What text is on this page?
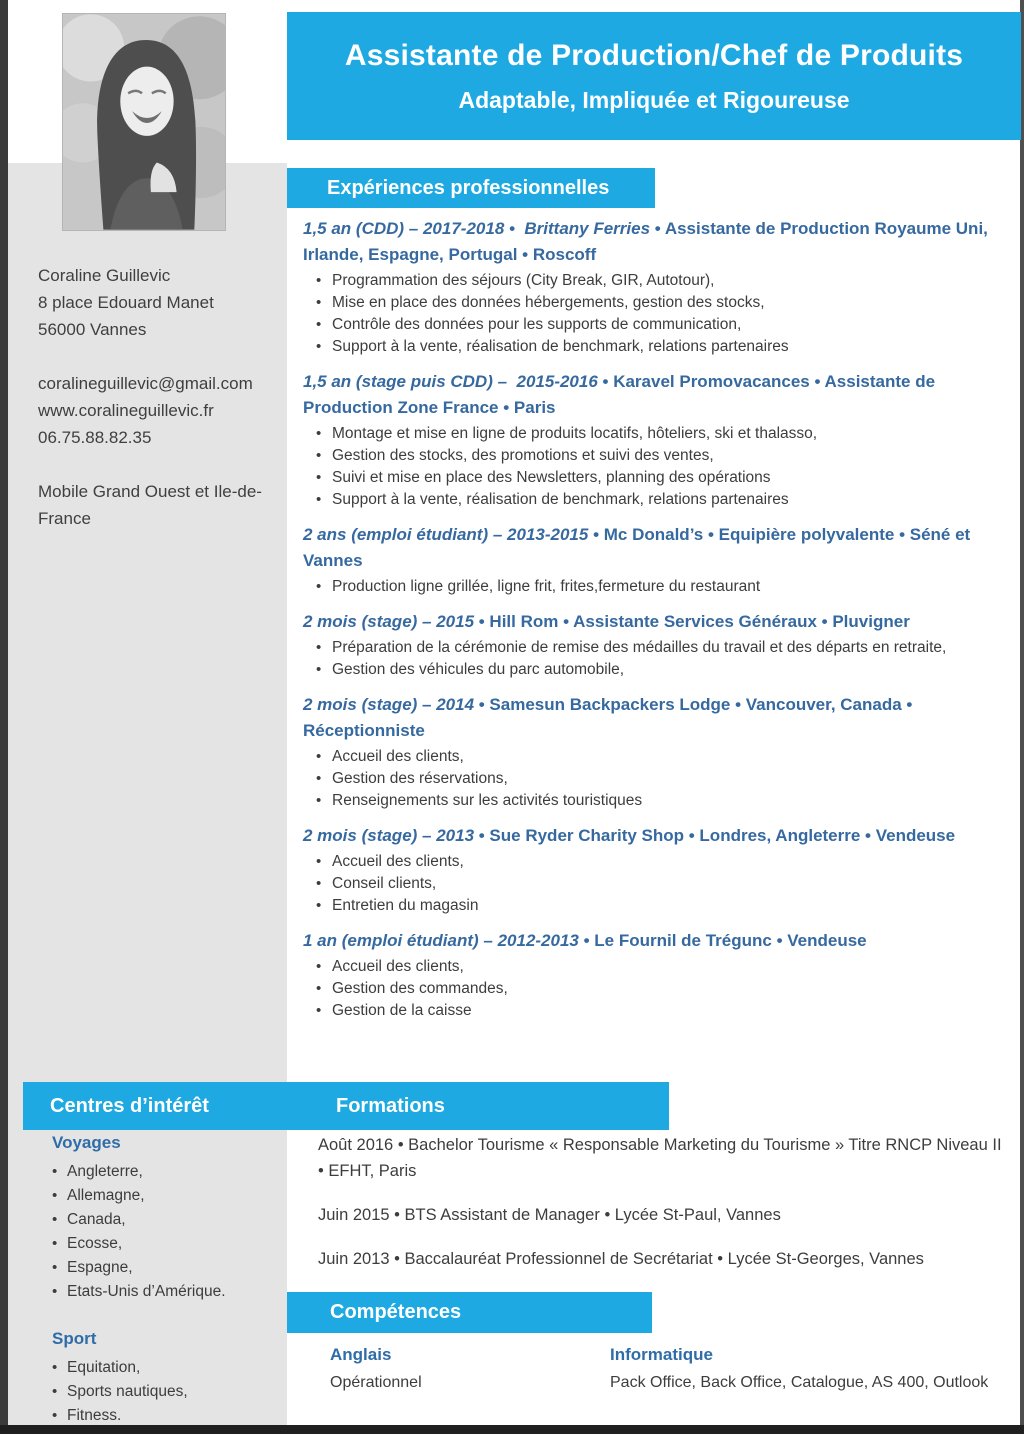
Coraline Guillevic
8 place Edouard Manet
56000 Vannes
coralineguillevic@gmail.com
www.coralineguillevic.fr
06.75.88.82.35
Mobile Grand Ouest et Ile-de-France
Assistante de Production/Chef de Produits
Adaptable, Impliquée et Rigoureuse
Expériences professionnelles

1,5 an (CDD) – 2017-2018 •  Brittany Ferries • Assistante de Production Royaume Uni, Irlande, Espagne, Portugal • Roscoff

• Programmation des séjours (City Break, GIR, Autotour),
• Mise en place des données hébergements, gestion des stocks,
• Contrôle des données pour les supports de communication,
• Support à la vente, réalisation de benchmark, relations partenaires

1,5 an (stage puis CDD) –  2015-2016 • Karavel Promovacances • Assistante de Production Zone France • Paris

• Montage et mise en ligne de produits locatifs, hôteliers, ski et thalasso,
• Gestion des stocks, des promotions et suivi des ventes,
• Suivi et mise en place des Newsletters, planning des opérations
• Support à la vente, réalisation de benchmark, relations partenaires

2 ans (emploi étudiant) – 2013-2015 • Mc Donald’s • Equipière polyvalente • Séné et Vannes

• Production ligne grillée, ligne frit, frites,fermeture du restaurant

2 mois (stage) – 2015 • Hill Rom • Assistante Services Généraux • Pluvigner

• Préparation de la cérémonie de remise des médailles du travail et des départs en retraite,
• Gestion des véhicules du parc automobile,

2 mois (stage) – 2014 • Samesun Backpackers Lodge • Vancouver, Canada • Réceptionniste

• Accueil des clients,
• Gestion des réservations,
• Renseignements sur les activités touristiques

2 mois (stage) – 2013 • Sue Ryder Charity Shop • Londres, Angleterre • Vendeuse

• Accueil des clients,
• Conseil clients,
• Entretien du magasin

1 an (emploi étudiant) – 2012-2013 • Le Fournil de Trégunc • Vendeuse

• Accueil des clients,
• Gestion des commandes,
• Gestion de la caisse
Centres d’intérêt	Formations
Voyages
• Angleterre,
• Allemagne,
• Canada,
• Ecosse,
• Espagne,
• Etats-Unis d’Amérique.
Sport
• Equitation,
• Sports nautiques,
• Fitness.

Août 2016 • Bachelor Tourisme « Responsable Marketing du Tourisme » Titre RNCP Niveau II • EFHT, Paris

Juin 2015 • BTS Assistant de Manager • Lycée St-Paul, Vannes

Juin 2013 • Baccalauréat Professionnel de Secrétariat • Lycée St-Georges, Vannes

Compétences
Anglais
Opérationnel
Informatique
Pack Office, Back Office, Catalogue, AS 400, Outlook
